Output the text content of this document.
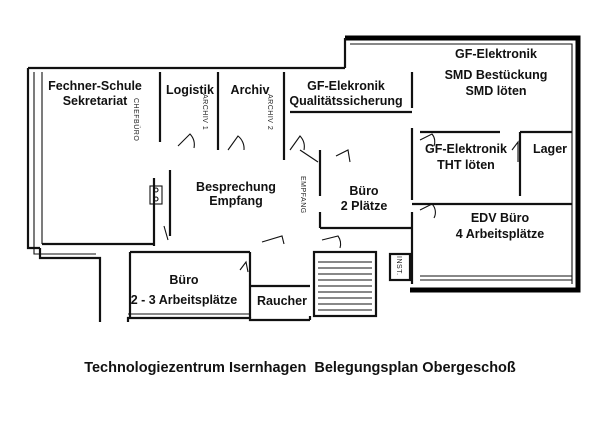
Fechner-Schule
Sekretariat
Logistik Archiv	GF-Elekronik
Qualitätssicherung
GF-Elektronik
SMD Bestückung
SMD löten
GF-Elektronik
THT löten
Lager
Besprechung
Empfang
Büro
2 Plätze
EDV Büro
4 Arbeitsplätze
Büro
2 - 3 Arbeitsplätze Raucher
CHEFBÜRO	ARCHIV 1	ARCHIV 2
EMPFANG
INST.
Technologiezentrum Isernhagen  Belegungsplan Obergeschoß
